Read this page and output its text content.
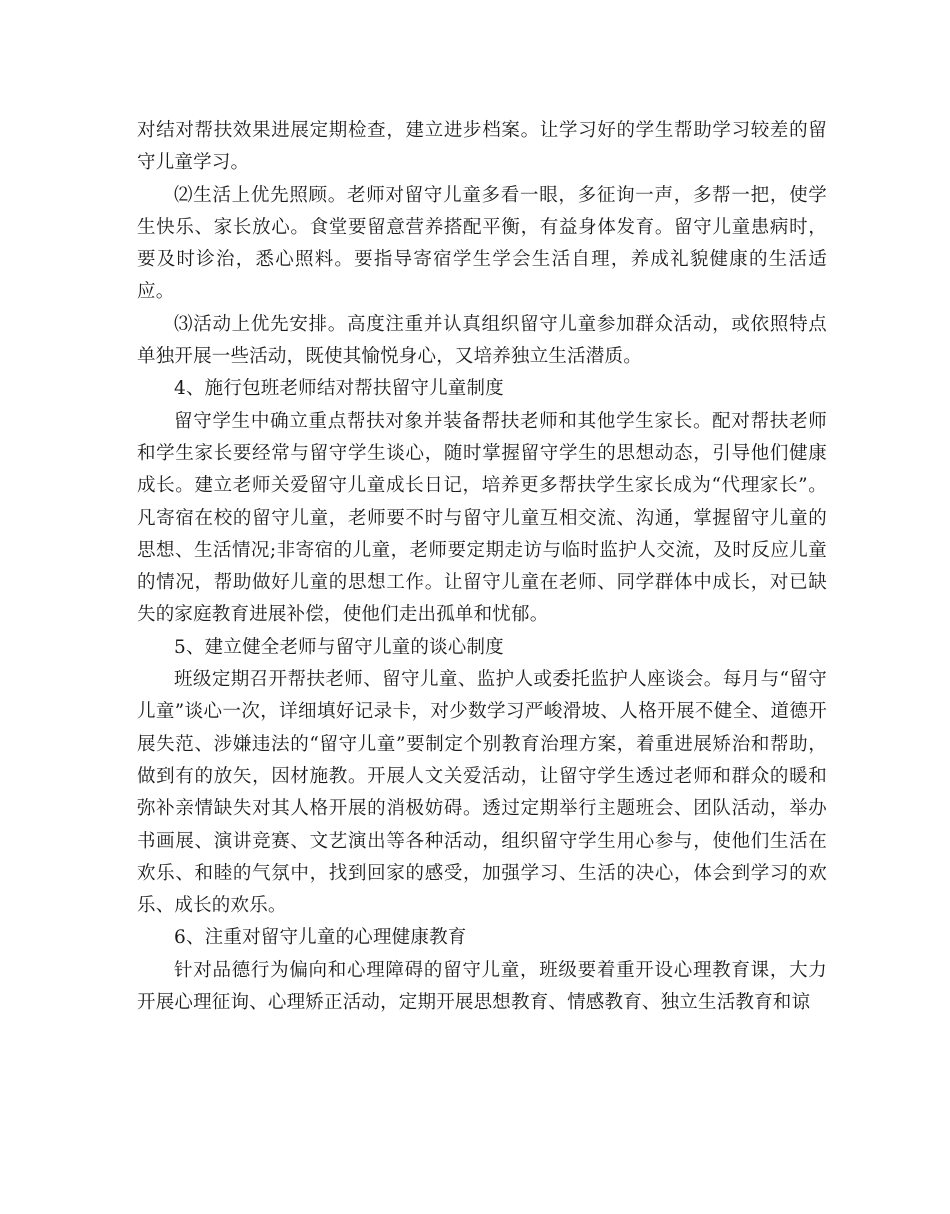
对结对帮扶效果进展定期检查，建立进步档案。让学习好的学生帮助学习较差的留守儿童学习。

⑵生活上优先照顾。老师对留守儿童多看一眼，多征询一声，多帮一把，使学生快乐、家长放心。食堂要留意营养搭配平衡，有益身体发育。留守儿童患病时，要及时诊治，悉心照料。要指导寄宿学生学会生活自理，养成礼貌健康的生活适应。

⑶活动上优先安排。高度注重并认真组织留守儿童参加群众活动，或依照特点单独开展一些活动，既使其愉悦身心，又培养独立生活潜质。

4、施行包班老师结对帮扶留守儿童制度

留守学生中确立重点帮扶对象并装备帮扶老师和其他学生家长。配对帮扶老师和学生家长要经常与留守学生谈心，随时掌握留守学生的思想动态，引导他们健康成长。建立老师关爱留守儿童成长日记，培养更多帮扶学生家长成为“代理家长”。凡寄宿在校的留守儿童，老师要不时与留守儿童互相交流、沟通，掌握留守儿童的思想、生活情况;非寄宿的儿童，老师要定期走访与临时监护人交流，及时反应儿童的情况，帮助做好儿童的思想工作。让留守儿童在老师、同学群体中成长，对已缺失的家庭教育进展补偿，使他们走出孤单和忧郁。

5、建立健全老师与留守儿童的谈心制度

班级定期召开帮扶老师、留守儿童、监护人或委托监护人座谈会。每月与“留守儿童”谈心一次，详细填好记录卡，对少数学习严峻滑坡、人格开展不健全、道德开展失范、涉嫌违法的“留守儿童”要制定个别教育治理方案，着重进展矫治和帮助，做到有的放矢，因材施教。开展人文关爱活动，让留守学生透过老师和群众的暖和弥补亲情缺失对其人格开展的消极妨碍。透过定期举行主题班会、团队活动，举办书画展、演讲竞赛、文艺演出等各种活动，组织留守学生用心参与，使他们生活在欢乐、和睦的气氛中，找到回家的感受，加强学习、生活的决心，体会到学习的欢乐、成长的欢乐。

6、注重对留守儿童的心理健康教育

针对品德行为偏向和心理障碍的留守儿童，班级要着重开设心理教育课，大力开展心理征询、心理矫正活动，定期开展思想教育、情感教育、独立生活教育和谅
